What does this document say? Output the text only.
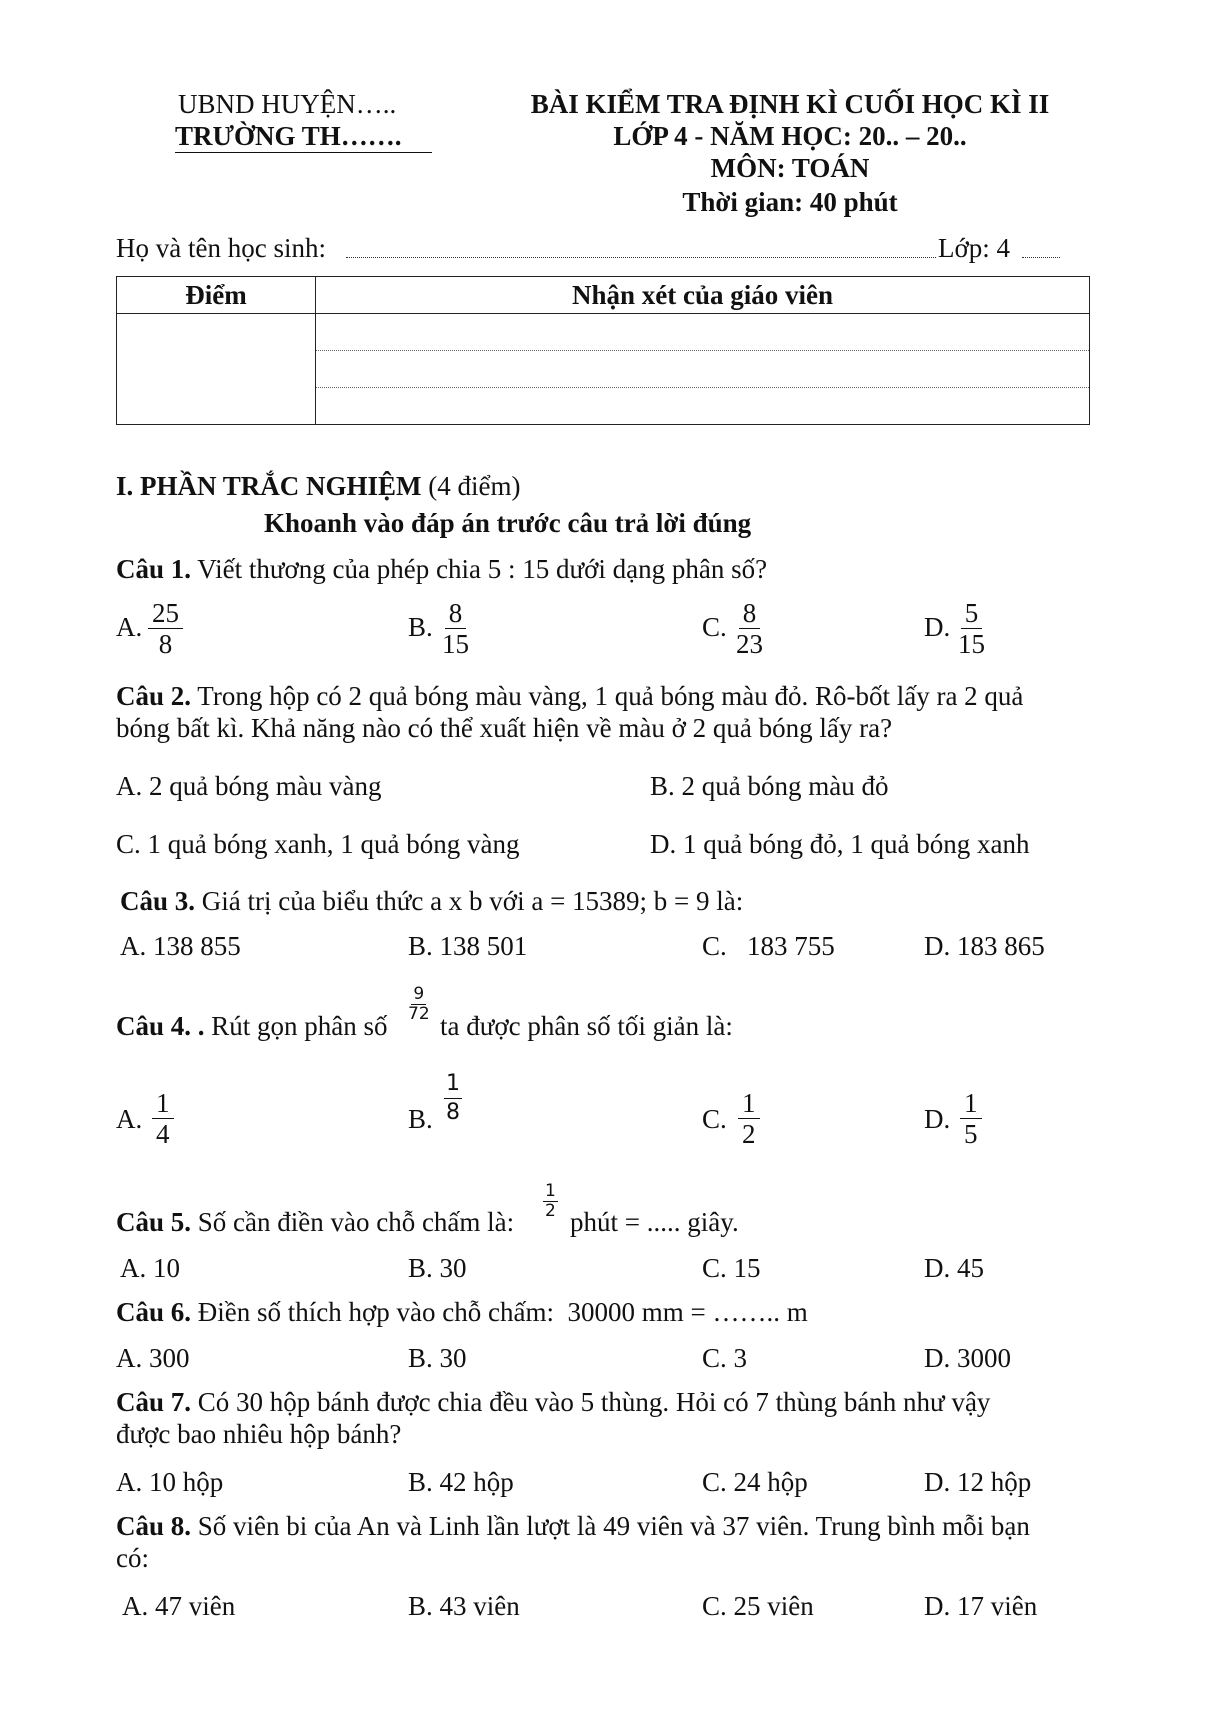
UBND HUYỆN…..
TRƯỜNG TH…….
BÀI KIỂM TRA ĐỊNH KÌ CUỐI HỌC KÌ II
LỚP 4 - NĂM HỌC: 20.. – 20..
MÔN: TOÁN
Thời gian: 40 phút
Họ và tên học sinh:	Lớp: 4
Điểm	Nhận xét của giáo viên

I. PHẦN TRẮC NGHIỆM (4 điểm)
Khoanh vào đáp án trước câu trả lời đúng
Câu 1. Viết thương của phép chia 5 : 15 dưới dạng phân số?
A. $\frac{25}{8}$	B. $\frac{8}{15}$	C. $\frac{8}{23}$	D. $\frac{5}{15}$
Câu 2. Trong hộp có 2 quả bóng màu vàng, 1 quả bóng màu đỏ. Rô-bốt lấy ra 2 quả
bóng bất kì. Khả năng nào có thể xuất hiện về màu ở 2 quả bóng lấy ra?
A. 2 quả bóng màu vàng	B. 2 quả bóng màu đỏ
C. 1 quả bóng xanh, 1 quả bóng vàng	D. 1 quả bóng đỏ, 1 quả bóng xanh
Câu 3. Giá trị của biểu thức a x b với a = 15389; b = 9 là:
A. 138 855	B. 138 501	C.   183 755	D. 183 865
Câu 4. . Rút gọn phân số
$\frac{9}{72}$
ta được phân số tối giản là:
A. $\frac{1}{4}$	B. $\frac{1}{8}$	C. $\frac{1}{2}$	D. $\frac{1}{5}$
Câu 5. Số cần điền vào chỗ chấm là:
$\frac{1}{2}$
phút = ..... giây.
A. 10	B. 30	C. 15	D. 45
Câu 6. Điền số thích hợp vào chỗ chấm:  30000 mm = …….. m
A. 300	B. 30	C. 3	D. 3000
Câu 7. Có 30 hộp bánh được chia đều vào 5 thùng. Hỏi có 7 thùng bánh như vậy
được bao nhiêu hộp bánh?
A. 10 hộp	B. 42 hộp	C. 24 hộp	D. 12 hộp
Câu 8. Số viên bi của An và Linh lần lượt là 49 viên và 37 viên. Trung bình mỗi bạn
có:
A. 47 viên	B. 43 viên	C. 25 viên	D. 17 viên
